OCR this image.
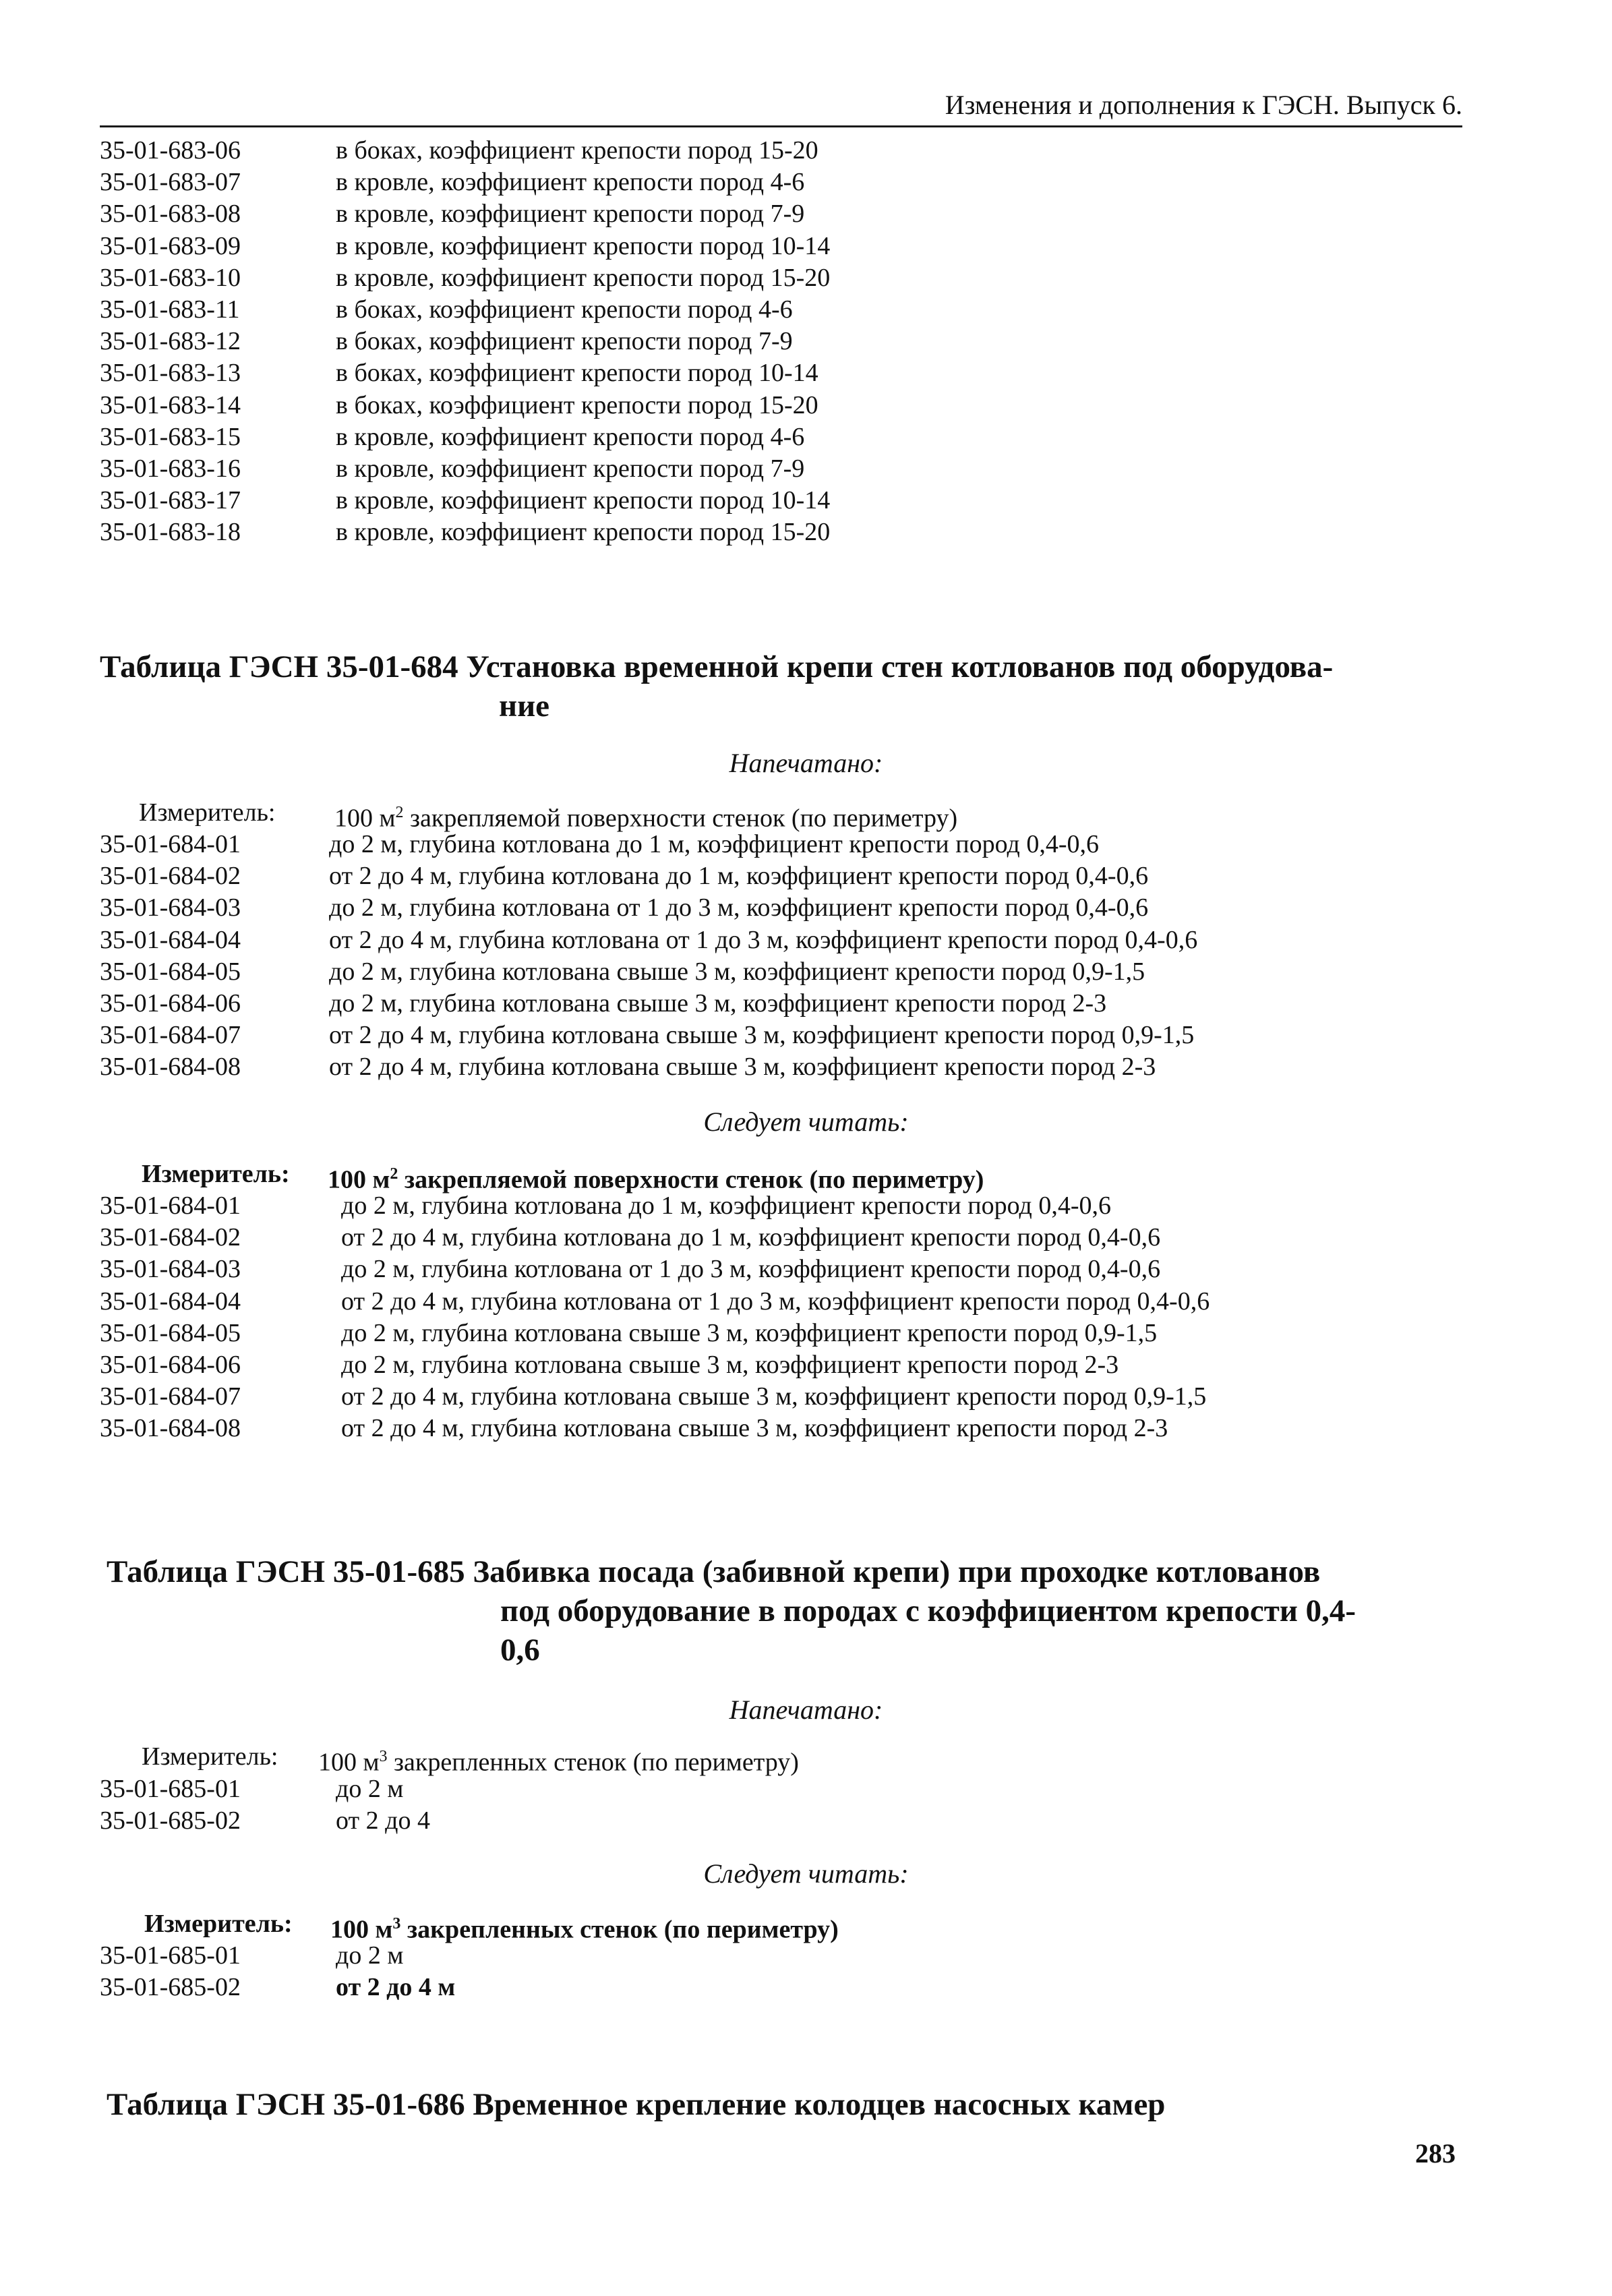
Изменения и дополнения к ГЭСН. Выпуск 6.
35-01-683-06	в боках, коэффициент крепости пород 15-20
35-01-683-07	в кровле, коэффициент крепости пород 4-6
35-01-683-08	в кровле, коэффициент крепости пород 7-9
35-01-683-09	в кровле, коэффициент крепости пород 10-14
35-01-683-10	в кровле, коэффициент крепости пород 15-20
35-01-683-11	в боках, коэффициент крепости пород 4-6
35-01-683-12	в боках, коэффициент крепости пород 7-9
35-01-683-13	в боках, коэффициент крепости пород 10-14
35-01-683-14	в боках, коэффициент крепости пород 15-20
35-01-683-15	в кровле, коэффициент крепости пород 4-6
35-01-683-16	в кровле, коэффициент крепости пород 7-9
35-01-683-17	в кровле, коэффициент крепости пород 10-14
35-01-683-18	в кровле, коэффициент крепости пород 15-20
Таблица ГЭСН 35-01-684 Установка временной крепи стен котлованов под оборудова-
ние
Напечатано:
Измеритель: 100 $м^2$ закрепляемой поверхности стенок (по периметру)
35-01-684-01	до 2 м, глубина котлована до 1 м, коэффициент крепости пород 0,4-0,6
35-01-684-02	от 2 до 4 м, глубина котлована до 1 м, коэффициент крепости пород 0,4-0,6
35-01-684-03	до 2 м, глубина котлована от 1 до 3 м, коэффициент крепости пород 0,4-0,6
35-01-684-04	от 2 до 4 м, глубина котлована от 1 до 3 м, коэффициент крепости пород 0,4-0,6
35-01-684-05	до 2 м, глубина котлована свыше 3 м, коэффициент крепости пород 0,9-1,5
35-01-684-06	до 2 м, глубина котлована свыше 3 м, коэффициент крепости пород 2-3
35-01-684-07	от 2 до 4 м, глубина котлована свыше 3 м, коэффициент крепости пород 0,9-1,5
35-01-684-08	от 2 до 4 м, глубина котлована свыше 3 м, коэффициент крепости пород 2-3
Следует читать:
Измеритель: 100 $м^2$ закрепляемой поверхности стенок (по периметру)
35-01-684-01	до 2 м, глубина котлована до 1 м, коэффициент крепости пород 0,4-0,6
35-01-684-02	от 2 до 4 м, глубина котлована до 1 м, коэффициент крепости пород 0,4-0,6
35-01-684-03	до 2 м, глубина котлована от 1 до 3 м, коэффициент крепости пород 0,4-0,6
35-01-684-04	от 2 до 4 м, глубина котлована от 1 до 3 м, коэффициент крепости пород 0,4-0,6
35-01-684-05	до 2 м, глубина котлована свыше 3 м, коэффициент крепости пород 0,9-1,5
35-01-684-06	до 2 м, глубина котлована свыше 3 м, коэффициент крепости пород 2-3
35-01-684-07	от 2 до 4 м, глубина котлована свыше 3 м, коэффициент крепости пород 0,9-1,5
35-01-684-08	от 2 до 4 м, глубина котлована свыше 3 м, коэффициент крепости пород 2-3
Таблица ГЭСН 35-01-685 Забивка посада (забивной крепи) при проходке котлованов
под оборудование в породах с коэффициентом крепости 0,4-
0,6
Напечатано:
Измеритель: 100 $м^3$ закрепленных стенок (по периметру)
35-01-685-01	до 2 м
35-01-685-02	от 2 до 4
Следует читать:
Измеритель: 100 $м^3$ закрепленных стенок (по периметру)
35-01-685-01	до 2 м
35-01-685-02	от 2 до 4 м
Таблица ГЭСН 35-01-686 Временное крепление колодцев насосных камер
283
